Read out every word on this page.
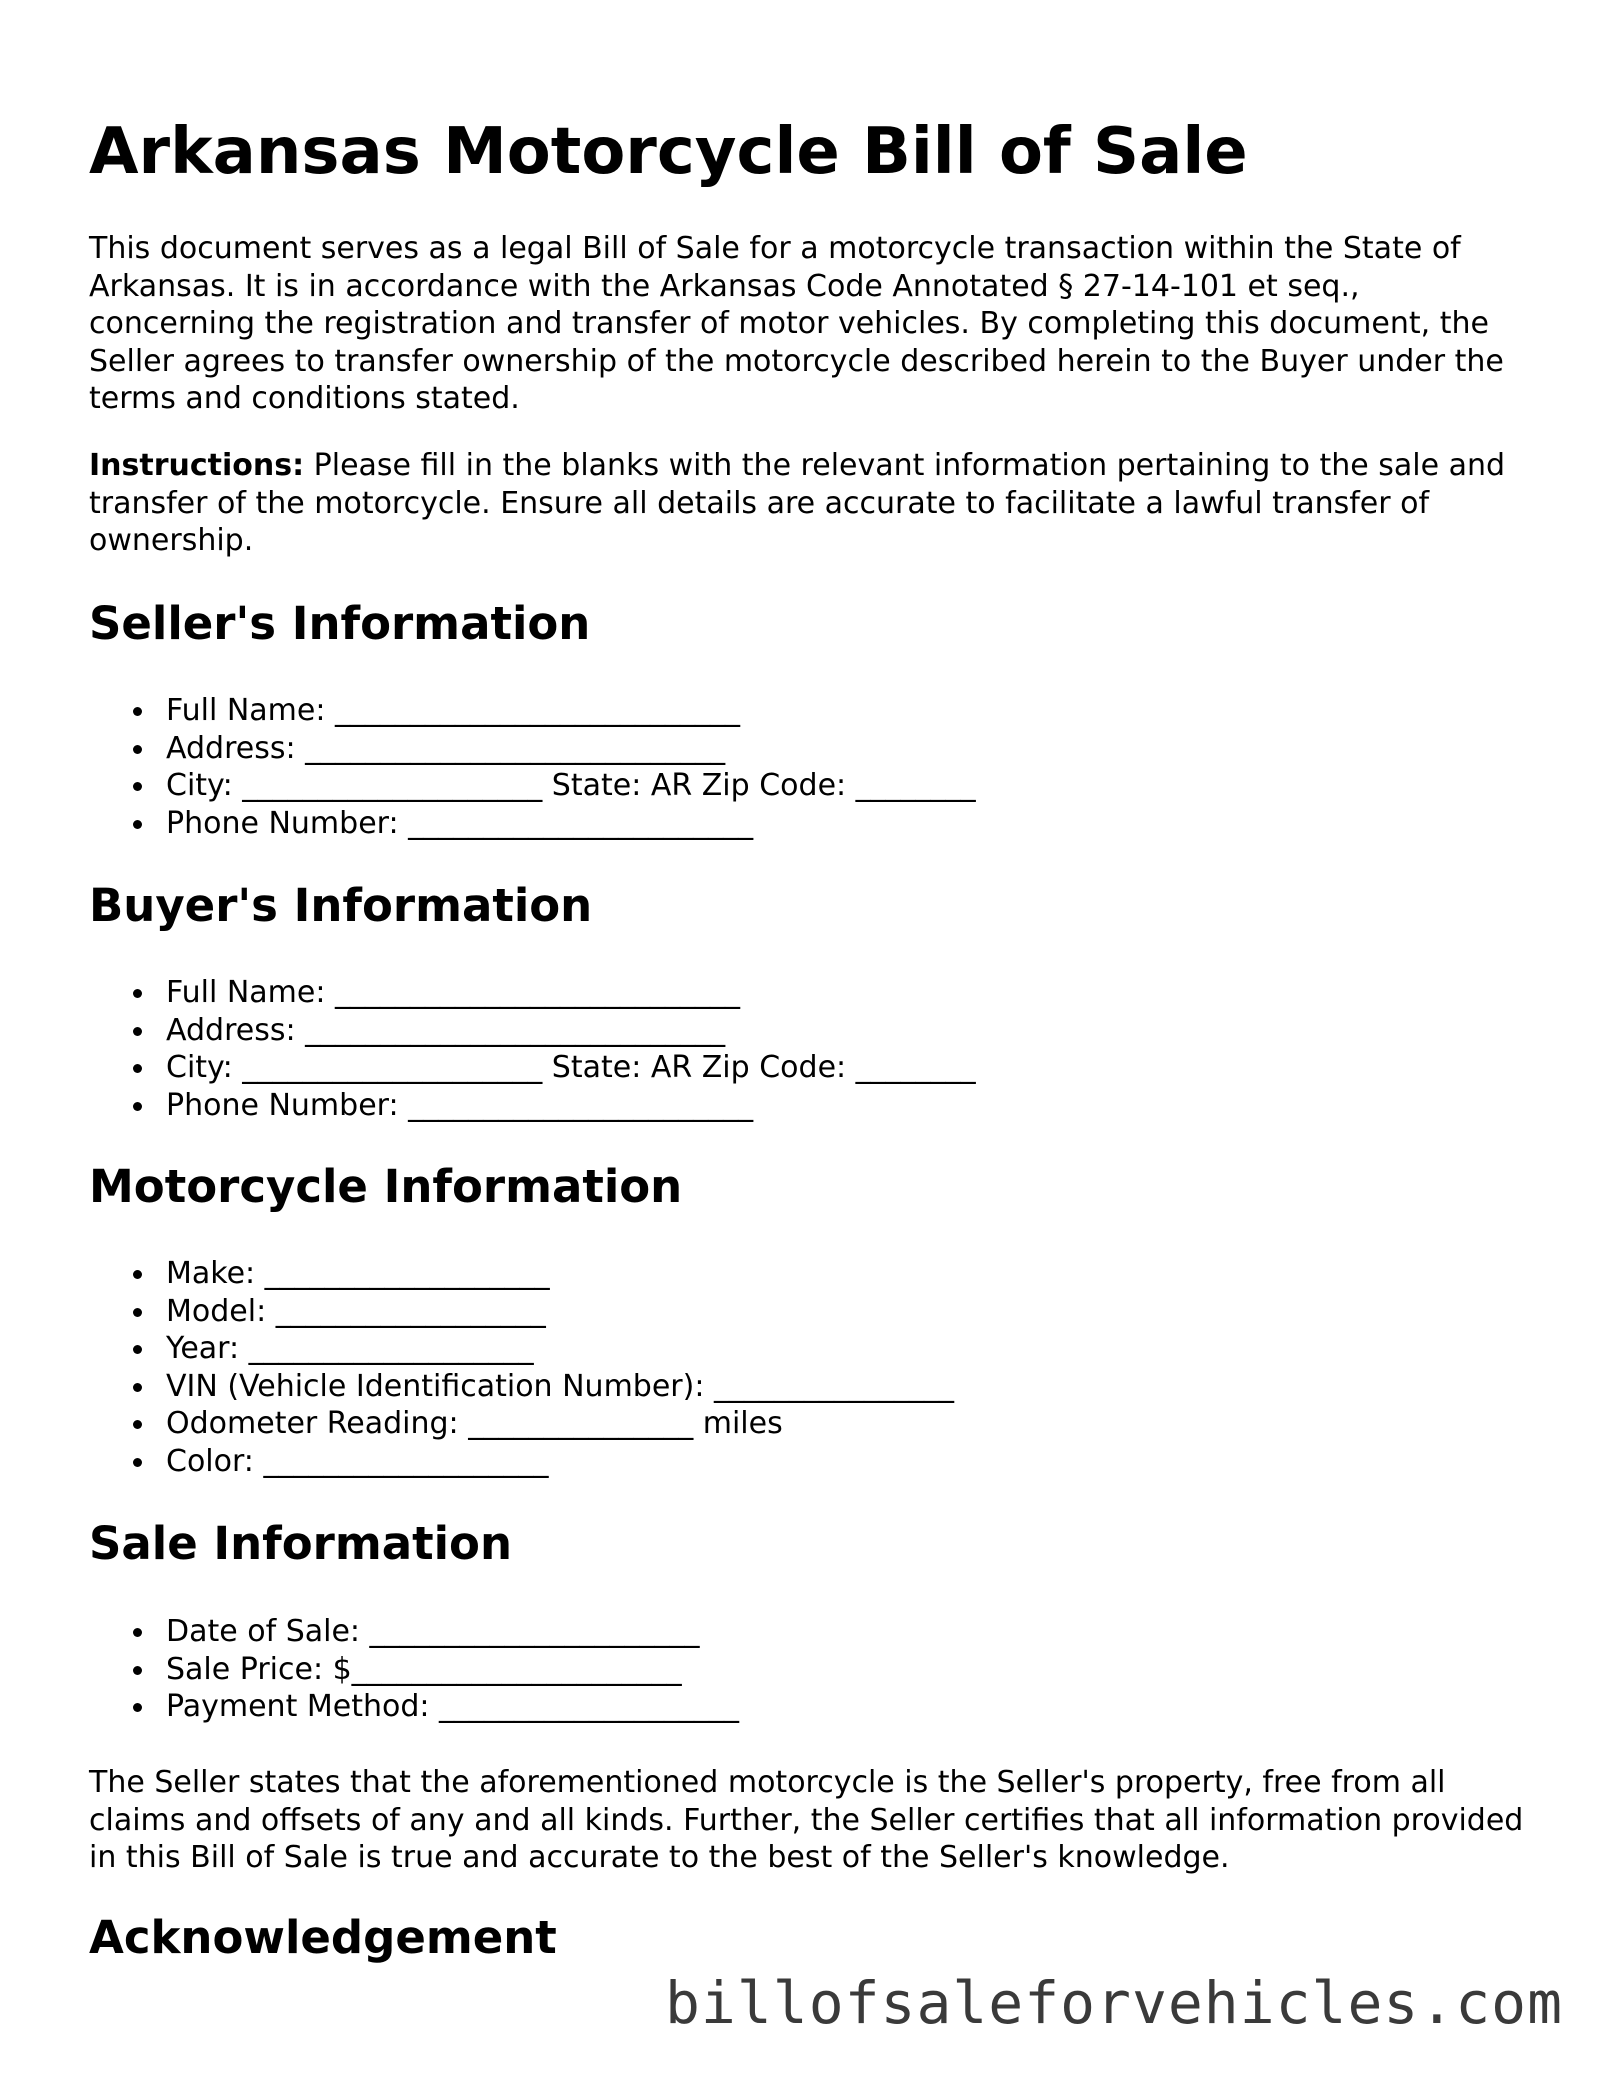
Arkansas Motorcycle Bill of Sale

This document serves as a legal Bill of Sale for a motorcycle transaction within the State of Arkansas. It is in accordance with the Arkansas Code Annotated § 27-14-101 et seq., concerning the registration and transfer of motor vehicles. By completing this document, the Seller agrees to transfer ownership of the motorcycle described herein to the Buyer under the terms and conditions stated.

Instructions: Please fill in the blanks with the relevant information pertaining to the sale and transfer of the motorcycle. Ensure all details are accurate to facilitate a lawful transfer of ownership.

Seller's Information
Full Name: ___________________________
Address: ____________________________
City: ____________________ State: AR Zip Code: ________
Phone Number: _______________________
Buyer's Information
Full Name: ___________________________
Address: ____________________________
City: ____________________ State: AR Zip Code: ________
Phone Number: _______________________
Motorcycle Information
Make: ___________________
Model: __________________
Year: ___________________
VIN (Vehicle Identification Number): ________________
Odometer Reading: _______________ miles
Color: ___________________
Sale Information
Date of Sale: ______________________
Sale Price: $______________________
Payment Method: ____________________

The Seller states that the aforementioned motorcycle is the Seller's property, free from all claims and offsets of any and all kinds. Further, the Seller certifies that all information provided in this Bill of Sale is true and accurate to the best of the Seller's knowledge.

Acknowledgement
billofsaleforvehicles.com
